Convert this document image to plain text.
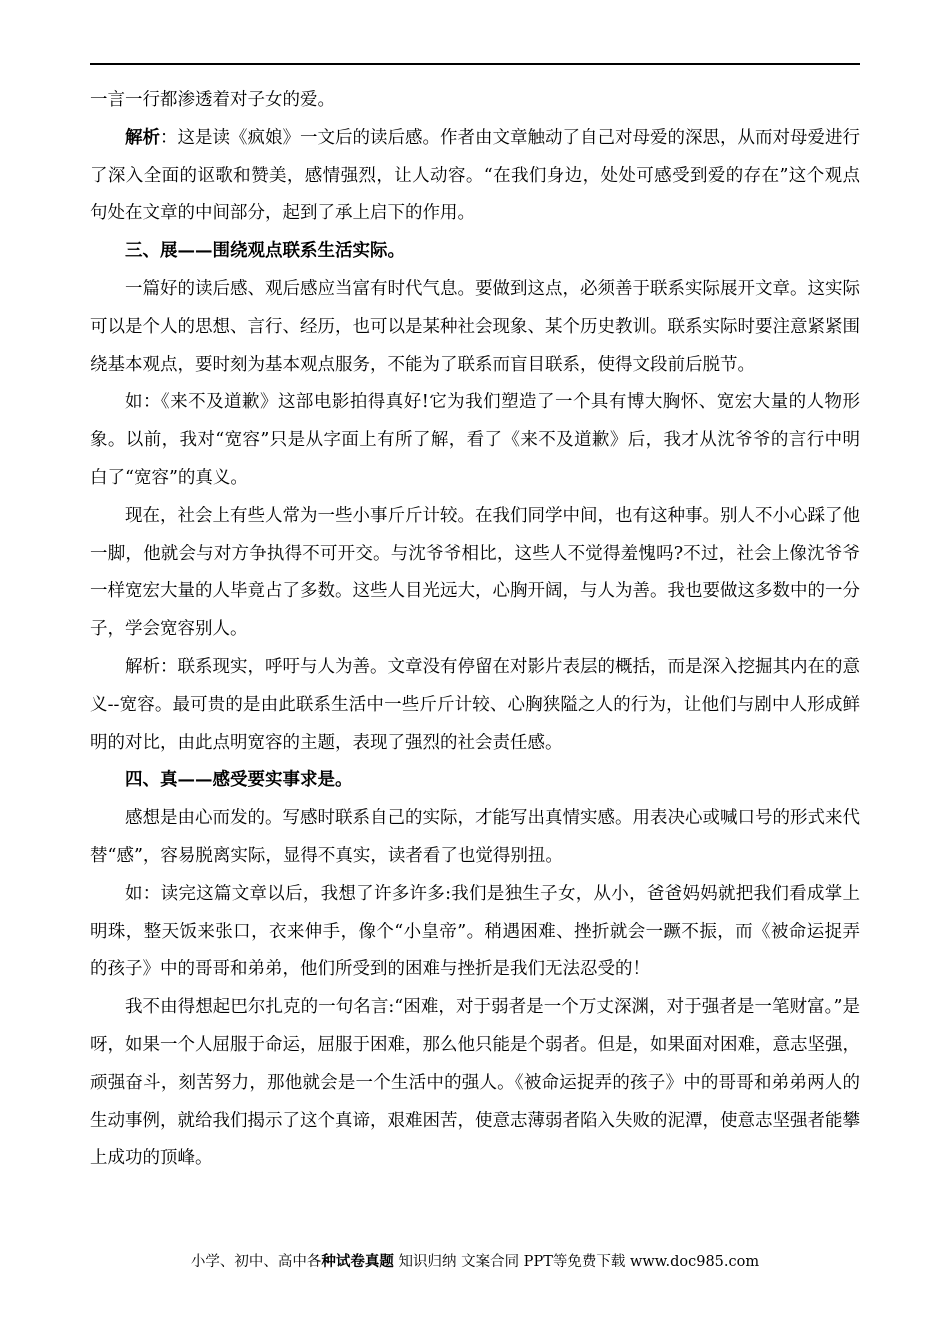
一言一行都渗透着对子女的爱。

解析：这是读《疯娘》一文后的读后感。作者由文章触动了自己对母爱的深思，从而对母爱进行了深入全面的讴歌和赞美，感情强烈，让人动容。“在我们身边，处处可感受到爱的存在”这个观点句处在文章的中间部分，起到了承上启下的作用。

三、展——围绕观点联系生活实际。

一篇好的读后感、观后感应当富有时代气息。要做到这点，必须善于联系实际展开文章。这实际可以是个人的思想、言行、经历，也可以是某种社会现象、某个历史教训。联系实际时要注意紧紧围绕基本观点，要时刻为基本观点服务，不能为了联系而盲目联系，使得文段前后脱节。

如：《来不及道歉》这部电影拍得真好!它为我们塑造了一个具有博大胸怀、宽宏大量的人物形象。以前，我对“宽容”只是从字面上有所了解，看了《来不及道歉》后，我才从沈爷爷的言行中明白了“宽容”的真义。

现在，社会上有些人常为一些小事斤斤计较。在我们同学中间，也有这种事。别人不小心踩了他一脚，他就会与对方争执得不可开交。与沈爷爷相比，这些人不觉得羞愧吗?不过，社会上像沈爷爷一样宽宏大量的人毕竟占了多数。这些人目光远大，心胸开阔，与人为善。我也要做这多数中的一分子，学会宽容别人。

解析：联系现实，呼吁与人为善。文章没有停留在对影片表层的概括，而是深入挖掘其内在的意义--宽容。最可贵的是由此联系生活中一些斤斤计较、心胸狭隘之人的行为，让他们与剧中人形成鲜明的对比，由此点明宽容的主题，表现了强烈的社会责任感。

四、真——感受要实事求是。

感想是由心而发的。写感时联系自己的实际，才能写出真情实感。用表决心或喊口号的形式来代替“感”，容易脱离实际，显得不真实，读者看了也觉得别扭。

如：读完这篇文章以后，我想了许多许多:我们是独生子女，从小，爸爸妈妈就把我们看成掌上明珠，整天饭来张口，衣来伸手，像个“小皇帝”。稍遇困难、挫折就会一蹶不振，而《被命运捉弄的孩子》中的哥哥和弟弟，他们所受到的困难与挫折是我们无法忍受的！

我不由得想起巴尔扎克的一句名言:“困难，对于弱者是一个万丈深渊，对于强者是一笔财富。”是呀，如果一个人屈服于命运，屈服于困难，那么他只能是个弱者。但是，如果面对困难，意志坚强，顽强奋斗，刻苦努力，那他就会是一个生活中的强人。《被命运捉弄的孩子》中的哥哥和弟弟两人的生动事例，就给我们揭示了这个真谛，艰难困苦，使意志薄弱者陷入失败的泥潭，使意志坚强者能攀上成功的顶峰。

小学、初中、高中各种试卷真题 知识归纳 文案合同 PPT等免费下载 www.doc985.com
